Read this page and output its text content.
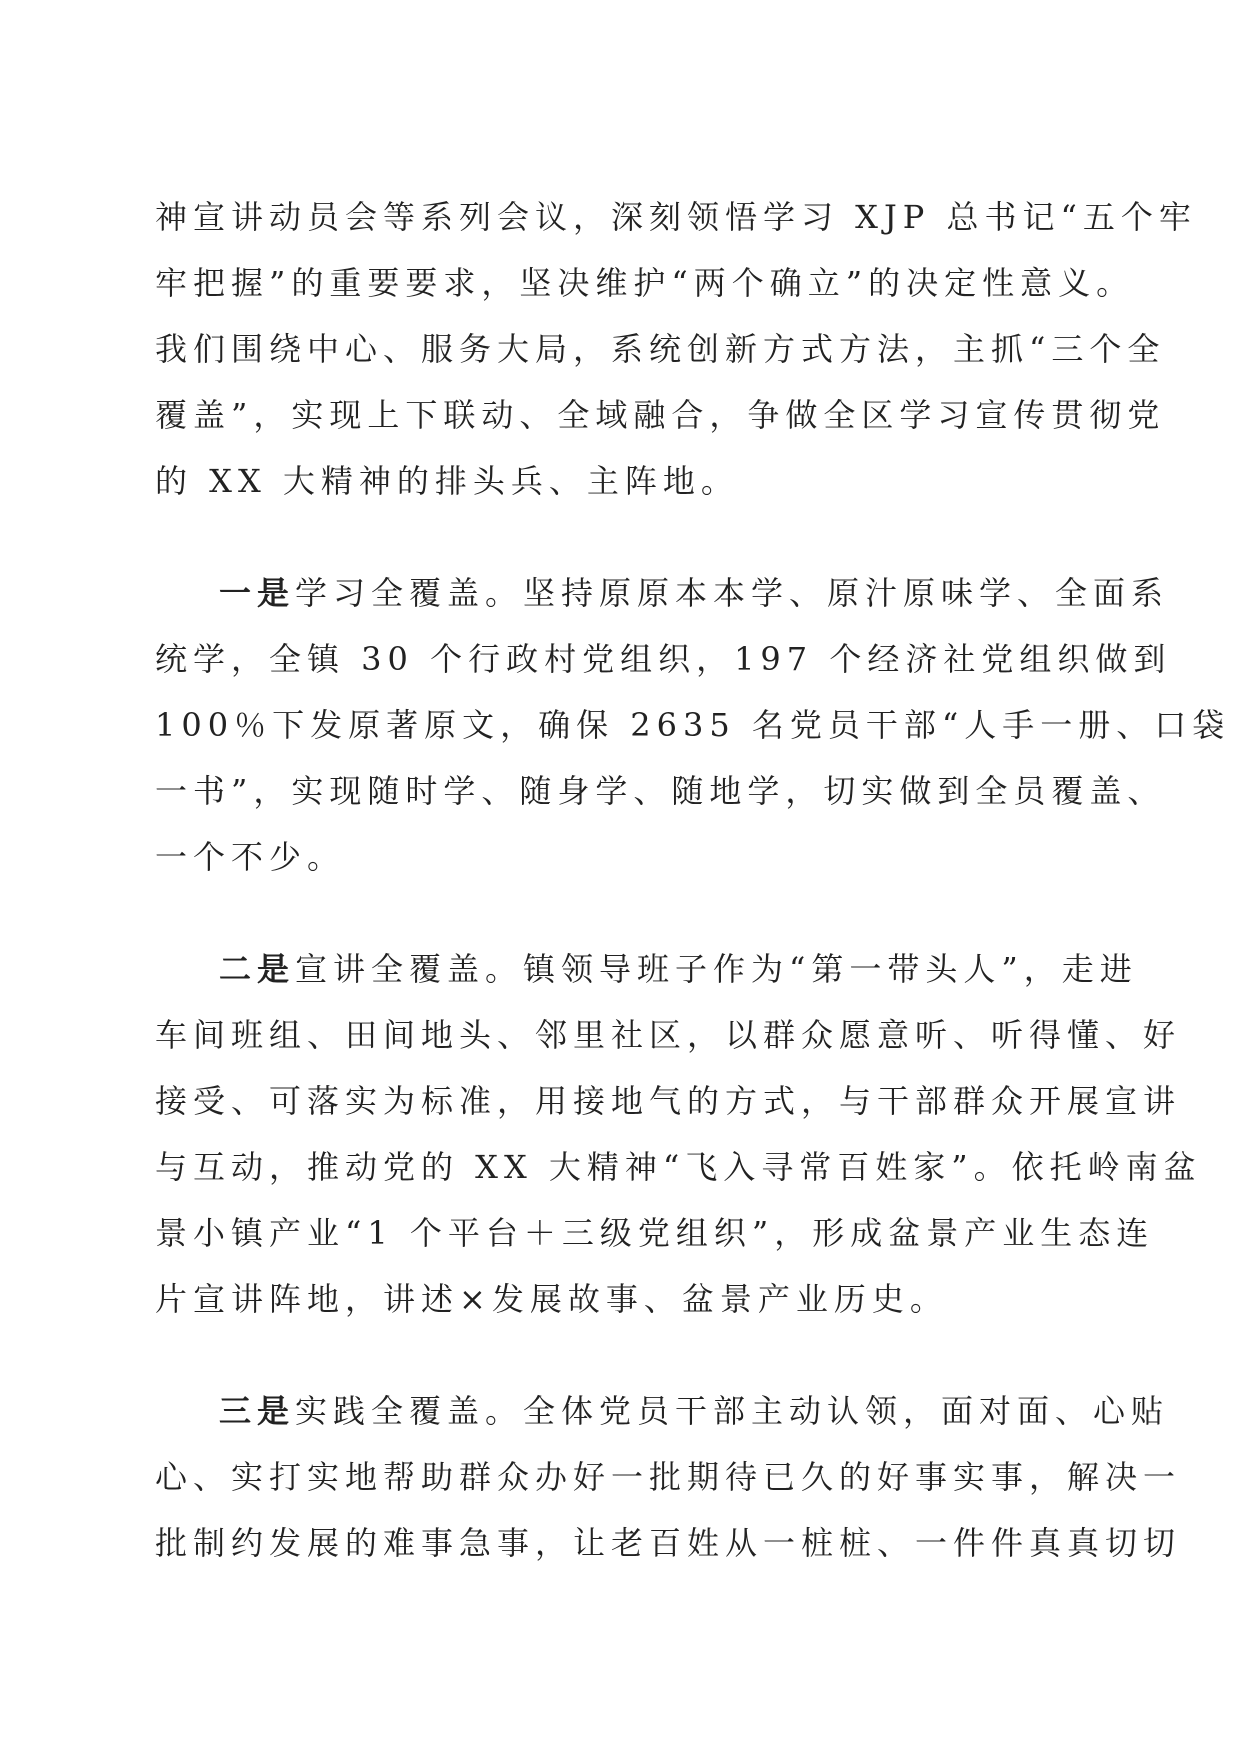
神宣讲动员会等系列会议，深刻领悟学习 XJP 总书记“五个牢
牢把握”的重要要求，坚决维护“两个确立”的决定性意义。
我们围绕中心、服务大局，系统创新方式方法，主抓“三个全
覆盖”，实现上下联动、全域融合，争做全区学习宣传贯彻党
的 XX 大精神的排头兵、主阵地。
一是学习全覆盖。坚持原原本本学、原汁原味学、全面系
统学，全镇 30 个行政村党组织，197 个经济社党组织做到
100％下发原著原文，确保 2635 名党员干部“人手一册、口袋
一书”，实现随时学、随身学、随地学，切实做到全员覆盖、
一个不少。
二是宣讲全覆盖。镇领导班子作为“第一带头人”，走进
车间班组、田间地头、邻里社区，以群众愿意听、听得懂、好
接受、可落实为标准，用接地气的方式，与干部群众开展宣讲
与互动，推动党的 XX 大精神“飞入寻常百姓家”。依托岭南盆
景小镇产业“1 个平台＋三级党组织”，形成盆景产业生态连
片宣讲阵地，讲述×发展故事、盆景产业历史。
三是实践全覆盖。全体党员干部主动认领，面对面、心贴
心、实打实地帮助群众办好一批期待已久的好事实事，解决一
批制约发展的难事急事，让老百姓从一桩桩、一件件真真切切
